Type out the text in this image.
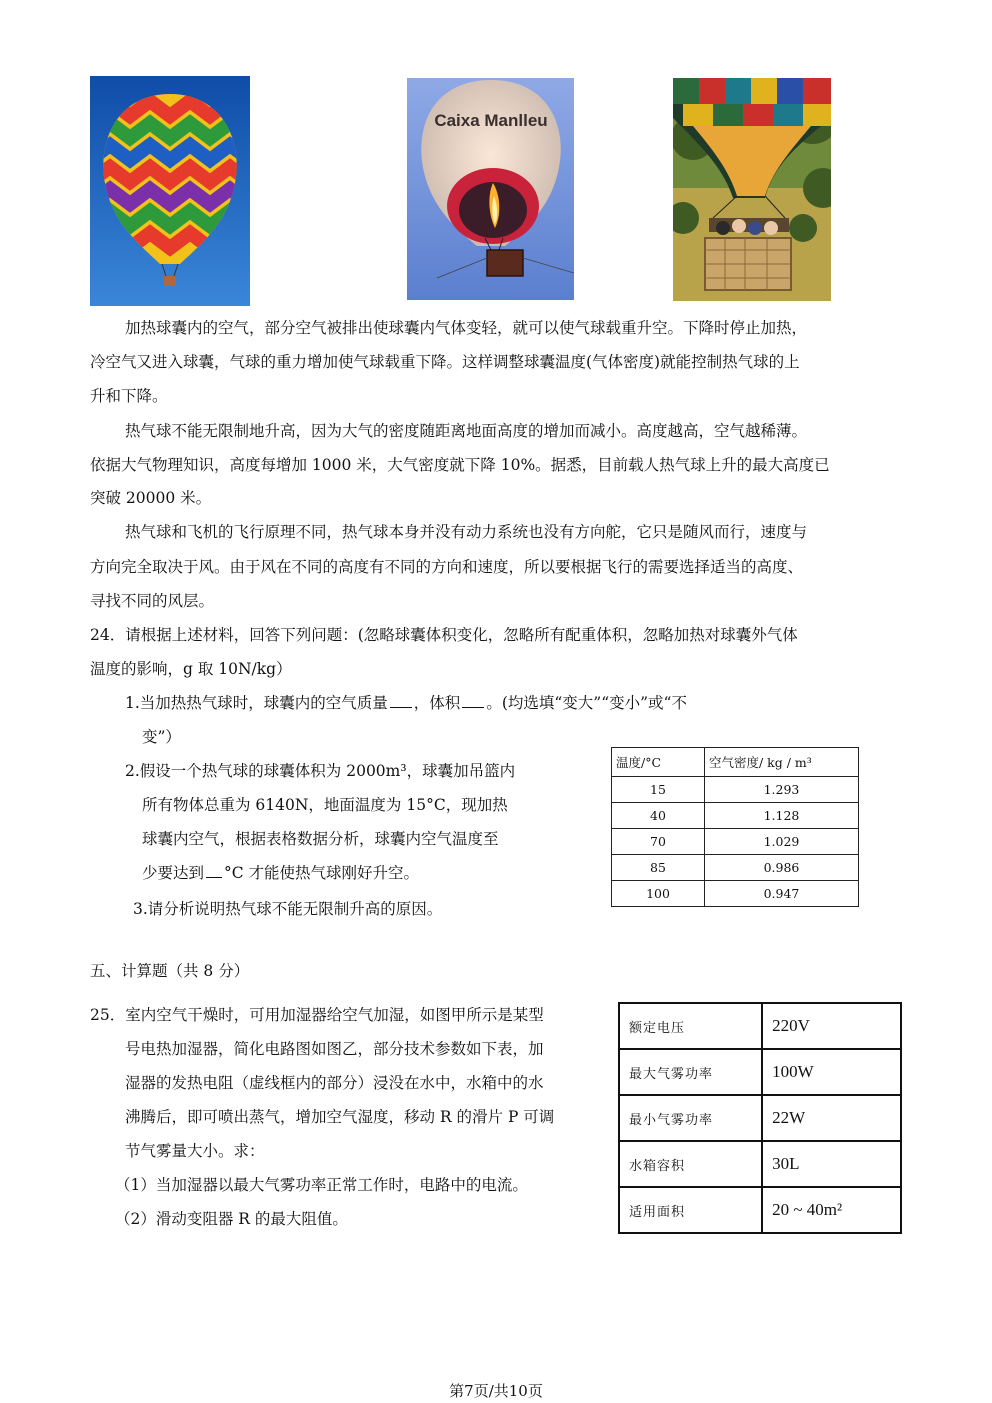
Caixa Manlleu
加热球囊内的空气，部分空气被排出使球囊内气体变轻，就可以使气球载重升空。下降时停止加热，
冷空气又进入球囊，气球的重力增加使气球载重下降。这样调整球囊温度(气体密度)就能控制热气球的上
升和下降。
热气球不能无限制地升高，因为大气的密度随距离地面高度的增加而减小。高度越高，空气越稀薄。
依据大气物理知识，高度每增加 1000 米，大气密度就下降 10%。据悉，目前载人热气球上升的最大高度已
突破 20000 米。
热气球和飞机的飞行原理不同，热气球本身并没有动力系统也没有方向舵，它只是随风而行，速度与
方向完全取决于风。由于风在不同的高度有不同的方向和速度，所以要根据飞行的需要选择适当的高度、
寻找不同的风层。
24．请根据上述材料，回答下列问题：(忽略球囊体积变化，忽略所有配重体积，忽略加热对球囊外气体
温度的影响，g 取 10N/kg）
1.当加热热气球时，球囊内的空气质量 ，体积 。(均选填“变大”“变小”或“不
变”）
2.假设一个热气球的球囊体积为 2000m³，球囊加吊篮内
所有物体总重为 6140N，地面温度为 15°C，现加热
球囊内空气，根据表格数据分析，球囊内空气温度至
少要达到 °C 才能使热气球刚好升空。
3.请分析说明热气球不能无限制升高的原因。
温度/°C	空气密度/ kg / m³
15	1.293
40	1.128
70	1.029
85	0.986
100	0.947
五、计算题（共 8 分）
25．室内空气干燥时，可用加湿器给空气加湿，如图甲所示是某型
号电热加湿器，简化电路图如图乙，部分技术参数如下表，加
湿器的发热电阻（虚线框内的部分）浸没在水中，水箱中的水
沸腾后，即可喷出蒸气，增加空气湿度，移动 R 的滑片 P 可调
节气雾量大小。求：
（1）当加湿器以最大气雾功率正常工作时，电路中的电流。
（2）滑动变阻器 R 的最大阻值。
额定电压	220V
最大气雾功率	100W
最小气雾功率	22W
水箱容积	30L
适用面积	20 ~ 40m²
第7页/共10页
